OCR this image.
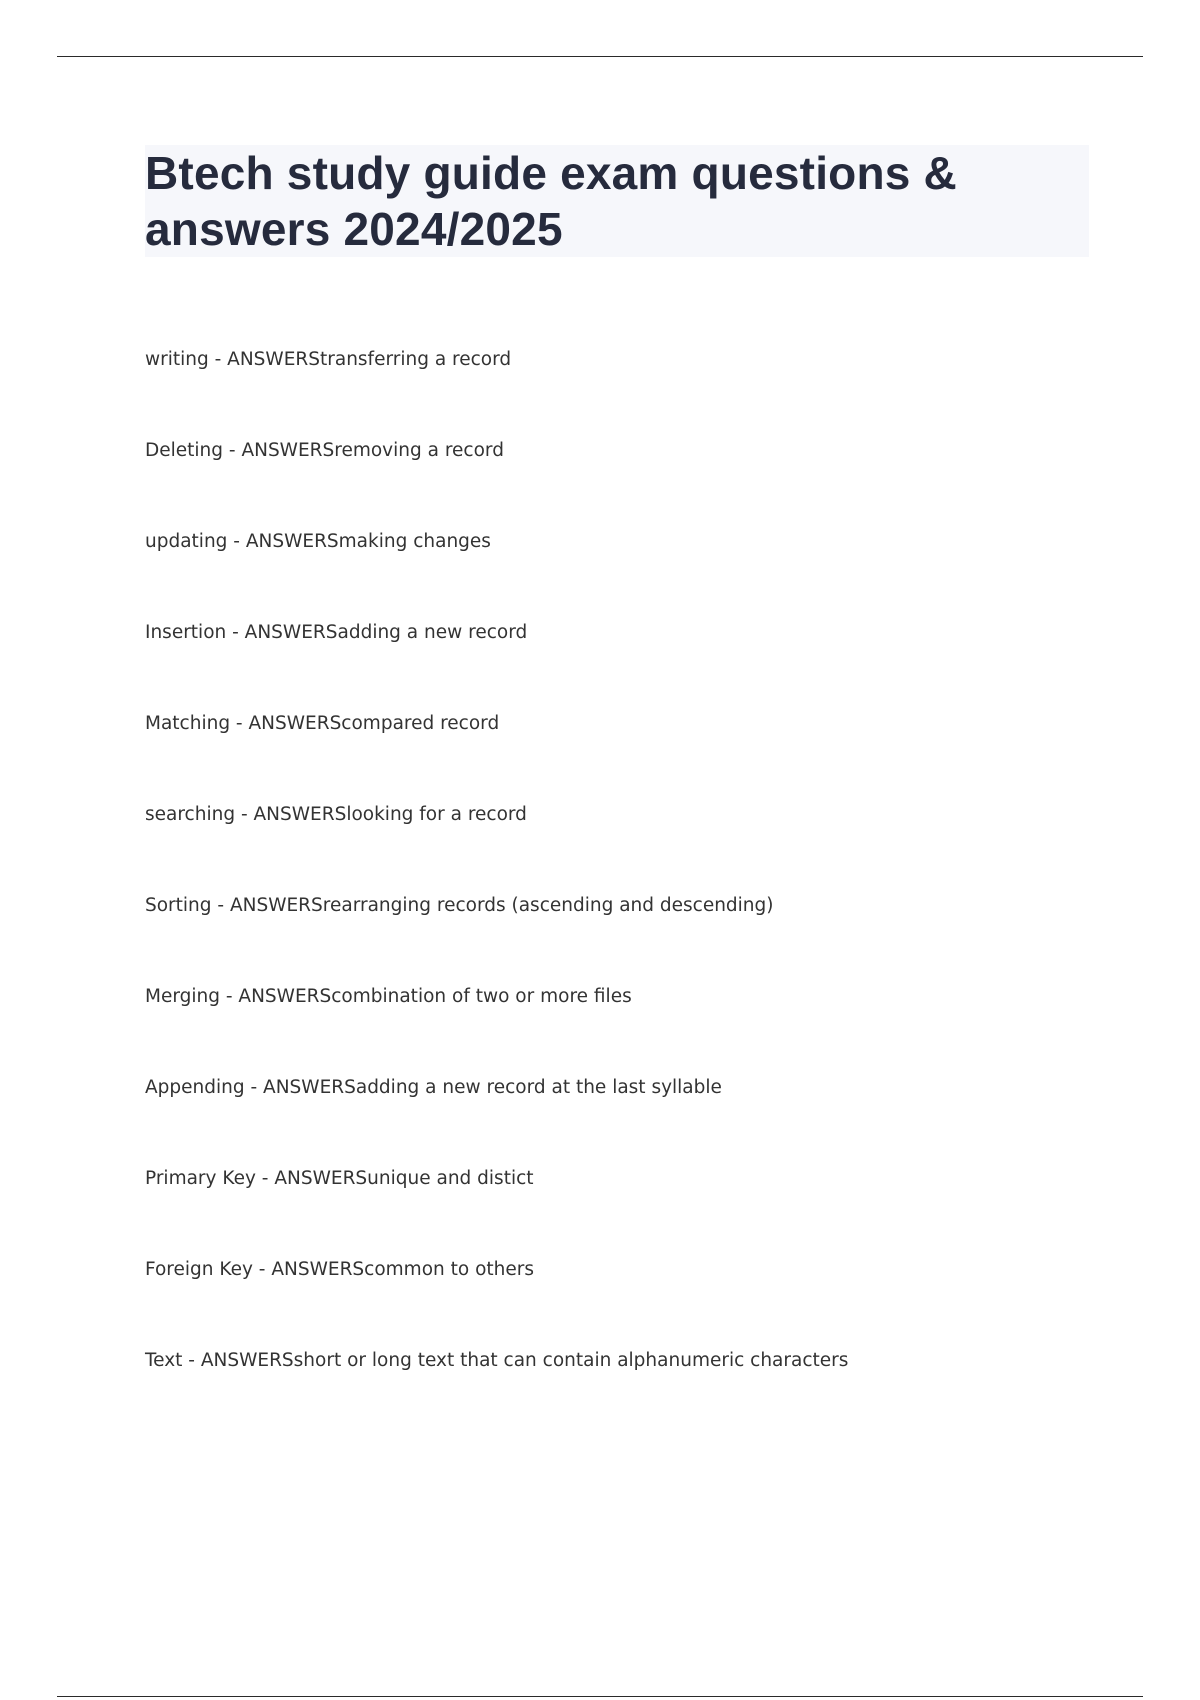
Btech study guide exam questions & answers 2024/2025
writing - ANSWERStransferring a record
Deleting - ANSWERSremoving a record
updating - ANSWERSmaking changes
Insertion - ANSWERSadding a new record
Matching - ANSWERScompared record
searching - ANSWERSlooking for a record
Sorting - ANSWERSrearranging records (ascending and descending)
Merging - ANSWERScombination of two or more files
Appending - ANSWERSadding a new record at the last syllable
Primary Key - ANSWERSunique and distict
Foreign Key - ANSWERScommon to others
Text - ANSWERSshort or long text that can contain alphanumeric characters
